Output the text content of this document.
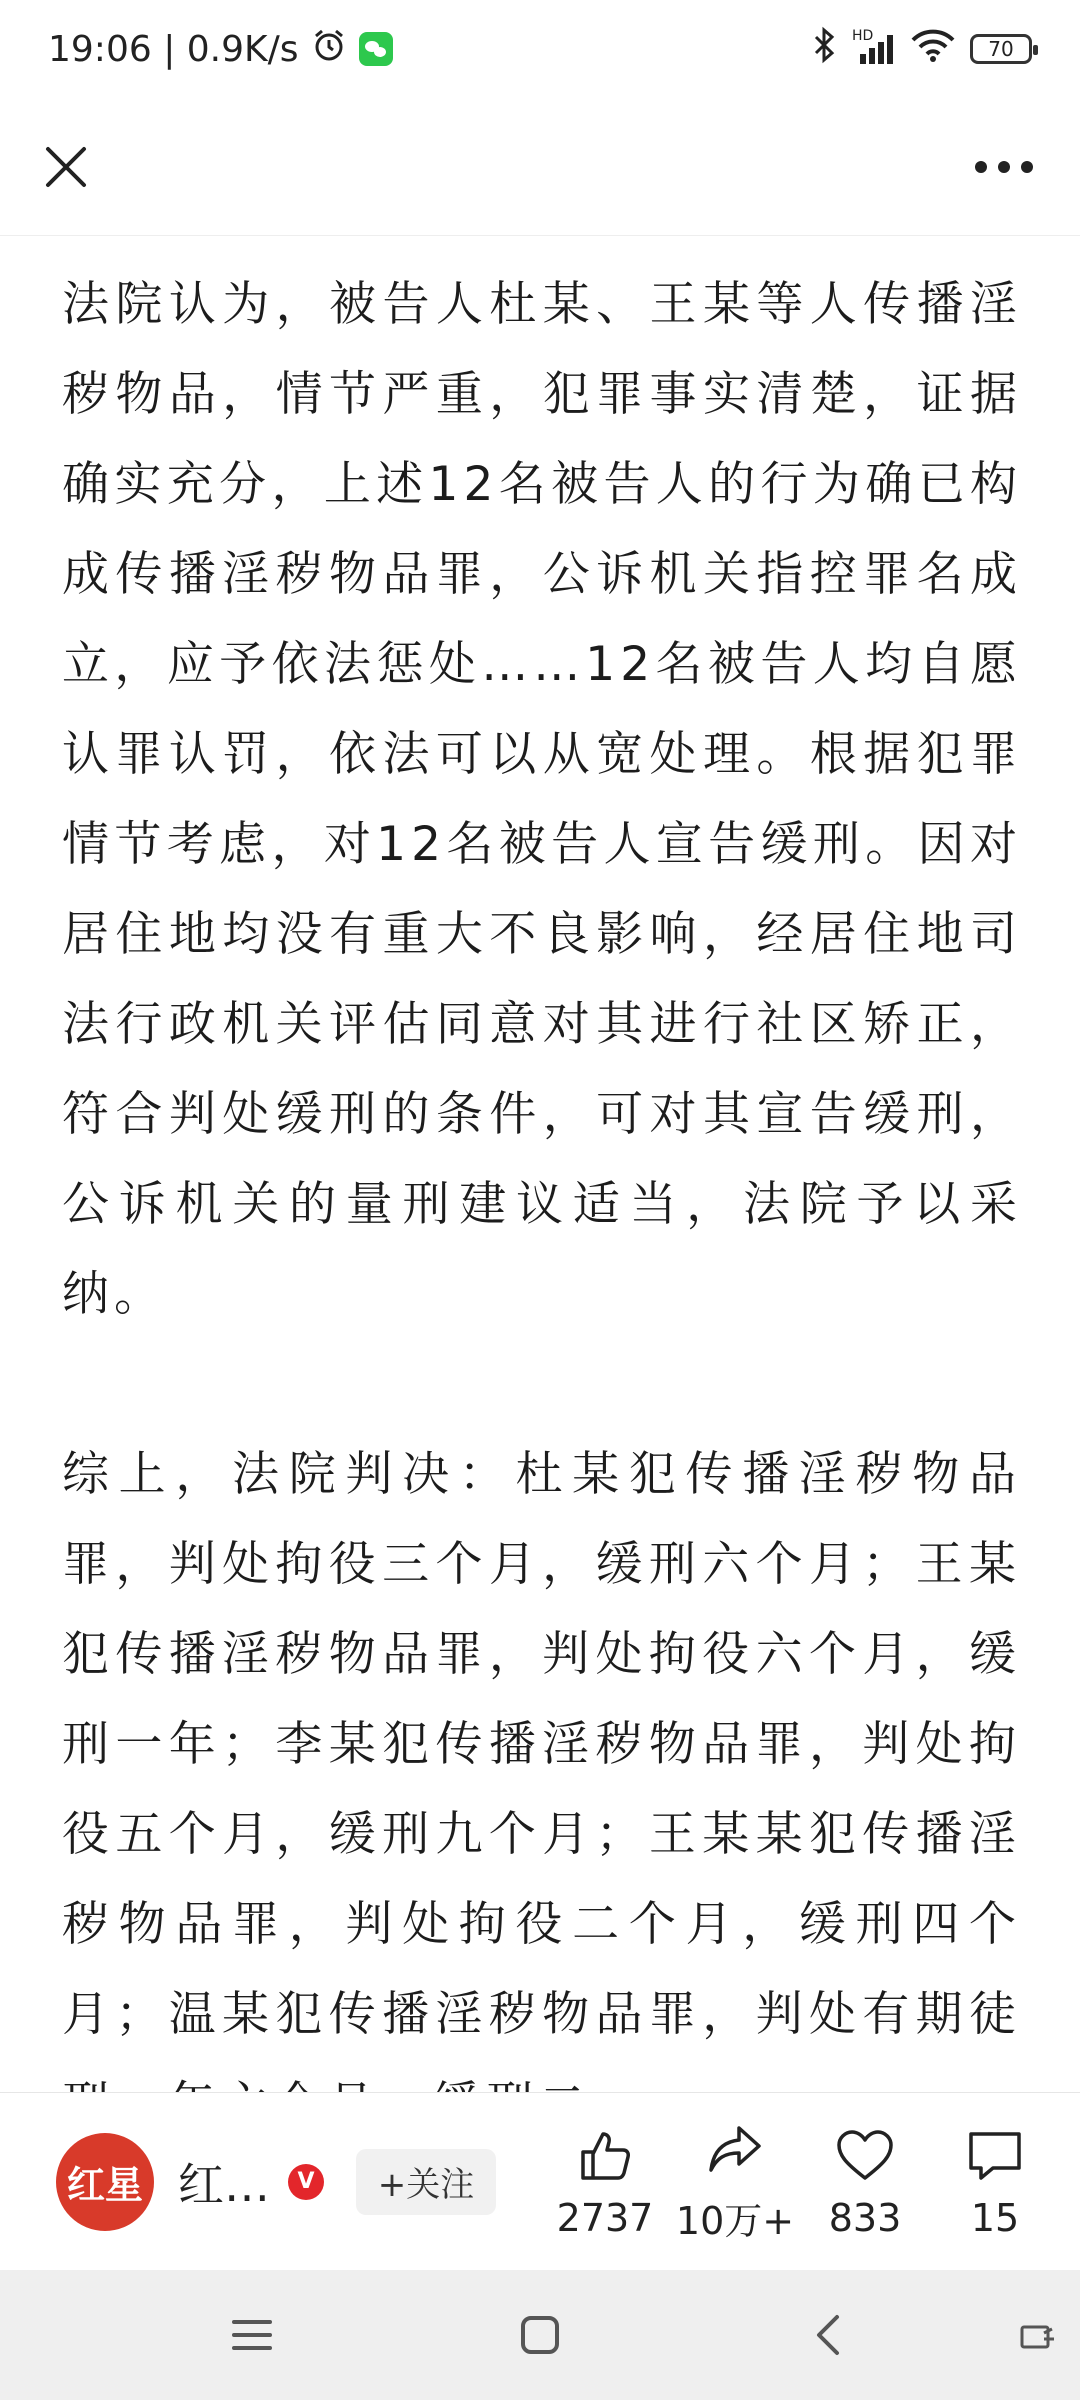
19:06 | 0.9K/s	HD
70

法院认为，被告人杜某、王某等人传播淫秽物品，情节严重，犯罪事实清楚，证据确实充分，上述12名被告人的行为确已构成传播淫秽物品罪，公诉机关指控罪名成立，应予依法惩处……12名被告人均自愿认罪认罚，依法可以从宽处理。根据犯罪情节考虑，对12名被告人宣告缓刑。因对居住地均没有重大不良影响，经居住地司法行政机关评估同意对其进行社区矫正，符合判处缓刑的条件，可对其宣告缓刑，公诉机关的量刑建议适当，法院予以采纳。

综上，法院判决：杜某犯传播淫秽物品罪，判处拘役三个月，缓刑六个月；王某犯传播淫秽物品罪，判处拘役六个月，缓刑一年；李某犯传播淫秽物品罪，判处拘役五个月，缓刑九个月；王某某犯传播淫秽物品罪，判处拘役二个月，缓刑四个月；温某犯传播淫秽物品罪，判处有期徒

红星 红…	V	+关注
2737 10万+ 833 15
